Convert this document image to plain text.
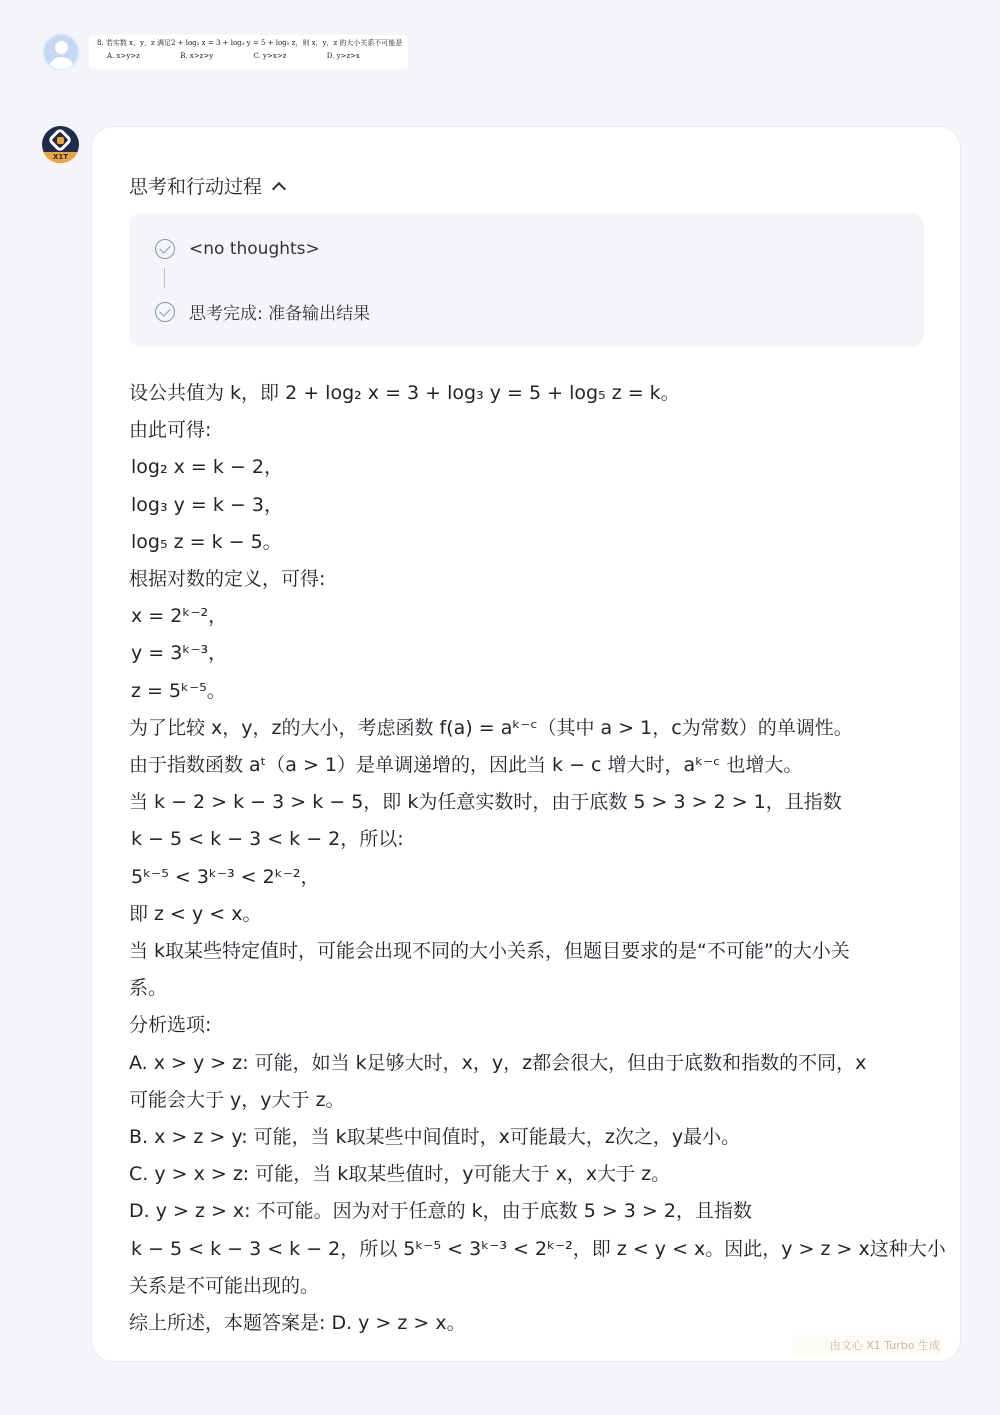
8. 若实数 x，y，z 满足2 + log₂ x = 3 + log₃ y = 5 + log₅ z，则 x，y，z 的大小关系不可能是
A. x>y>z	B. x>z>y	C. y>x>z	D. y>z>x
X1T
思考和行动过程
<no thoughts>
思考完成: 准备输出结果

设公共值为 k，即 2 + log₂ x = 3 + log₃ y = 5 + log₅ z = k。

由此可得:

log₂ x = k − 2，

log₃ y = k − 3，

log₅ z = k − 5。

根据对数的定义，可得:

x = 2ᵏ⁻²，

y = 3ᵏ⁻³，

z = 5ᵏ⁻⁵。

为了比较 x，y，z的大小，考虑函数 f(a) = aᵏ⁻ᶜ（其中 a > 1，c为常数）的单调性。

由于指数函数 aᵗ（a > 1）是单调递增的，因此当 k − c 增大时，aᵏ⁻ᶜ 也增大。

当 k − 2 > k − 3 > k − 5，即 k为任意实数时，由于底数 5 > 3 > 2 > 1，且指数

k − 5 < k − 3 < k − 2，所以:

5ᵏ⁻⁵ < 3ᵏ⁻³ < 2ᵏ⁻²，

即 z < y < x。

当 k取某些特定值时，可能会出现不同的大小关系，但题目要求的是“不可能”的大小关

系。

分析选项:

A. x > y > z: 可能，如当 k足够大时，x，y，z都会很大，但由于底数和指数的不同，x

可能会大于 y，y大于 z。

B. x > z > y: 可能，当 k取某些中间值时，x可能最大，z次之，y最小。

C. y > x > z: 可能，当 k取某些值时，y可能大于 x，x大于 z。

D. y > z > x: 不可能。因为对于任意的 k，由于底数 5 > 3 > 2，且指数

k − 5 < k − 3 < k − 2，所以 5ᵏ⁻⁵ < 3ᵏ⁻³ < 2ᵏ⁻²，即 z < y < x。因此，y > z > x这种大小

关系是不可能出现的。

综上所述，本题答案是: D. y > z > x。

由文心 X1 Turbo 生成
